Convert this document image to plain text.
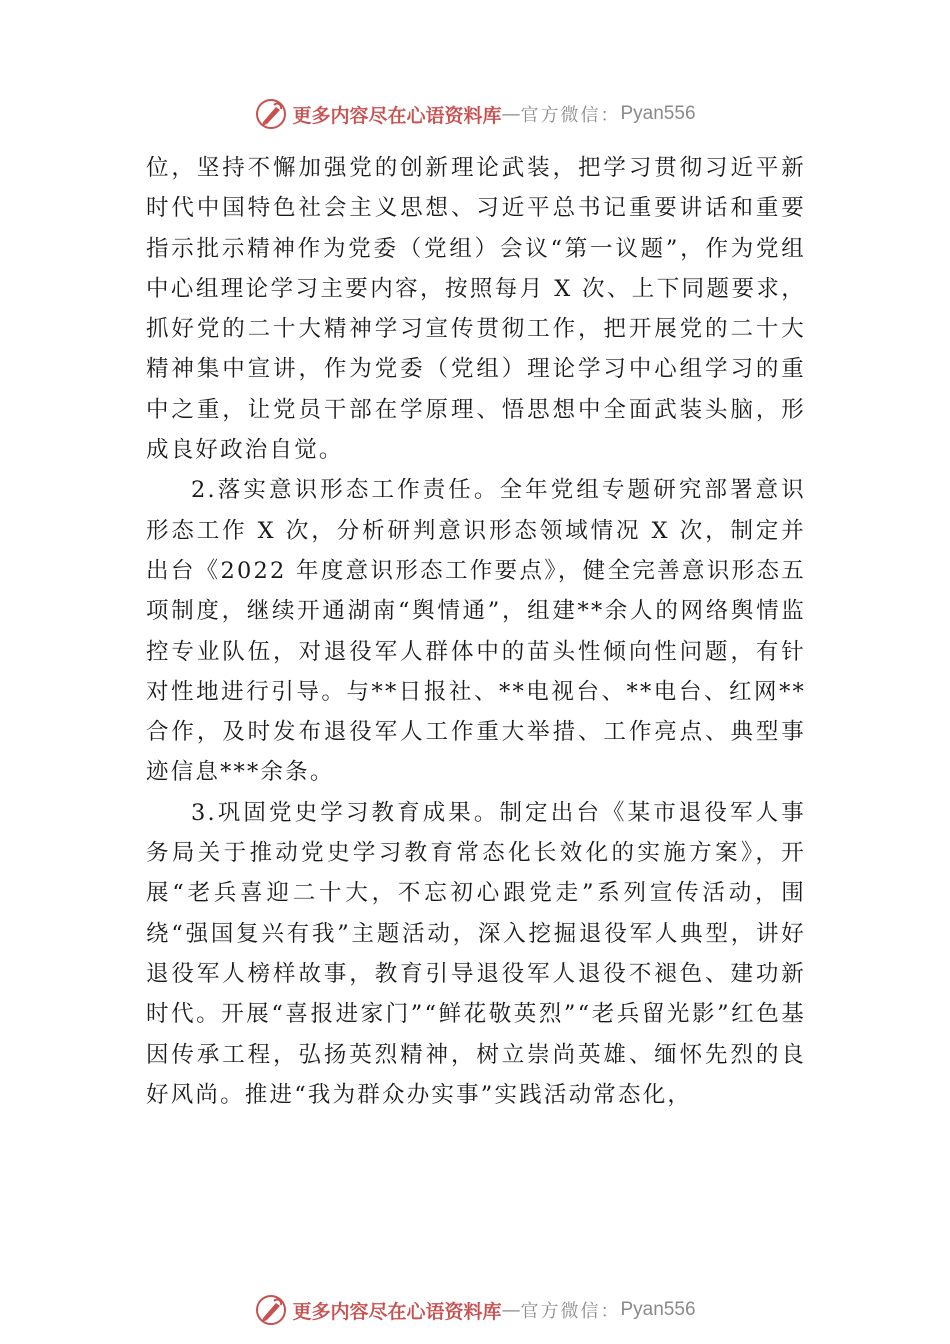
更多内容尽在心语资料库 — 官方微信： Pyan556

位，坚持不懈加强党的创新理论武装，把学习贯彻习近平新时代中国特色社会主义思想、习近平总书记重要讲话和重要指示批示精神作为党委（党组）会议“第一议题”，作为党组中心组理论学习主要内容，按照每月 X 次、上下同题要求，抓好党的二十大精神学习宣传贯彻工作，把开展党的二十大精神集中宣讲，作为党委（党组）理论学习中心组学习的重中之重，让党员干部在学原理、悟思想中全面武装头脑，形成良好政治自觉。

2.落实意识形态工作责任。全年党组专题研究部署意识形态工作 X 次，分析研判意识形态领域情况 X 次，制定并出台《2022 年度意识形态工作要点》，健全完善意识形态五项制度，继续开通湖南“舆情通”，组建**余人的网络舆情监控专业队伍，对退役军人群体中的苗头性倾向性问题，有针对性地进行引导。与**日报社、**电视台、**电台、红网**合作，及时发布退役军人工作重大举措、工作亮点、典型事迹信息***余条。

3.巩固党史学习教育成果。制定出台《某市退役军人事务局关于推动党史学习教育常态化长效化的实施方案》，开展“老兵喜迎二十大，不忘初心跟党走”系列宣传活动，围绕“强国复兴有我”主题活动，深入挖掘退役军人典型，讲好退役军人榜样故事，教育引导退役军人退役不褪色、建功新时代。开展“喜报进家门”“鲜花敬英烈”“老兵留光影”红色基因传承工程，弘扬英烈精神，树立崇尚英雄、缅怀先烈的良好风尚。推进“我为群众办实事”实践活动常态化，

更多内容尽在心语资料库 — 官方微信： Pyan556
